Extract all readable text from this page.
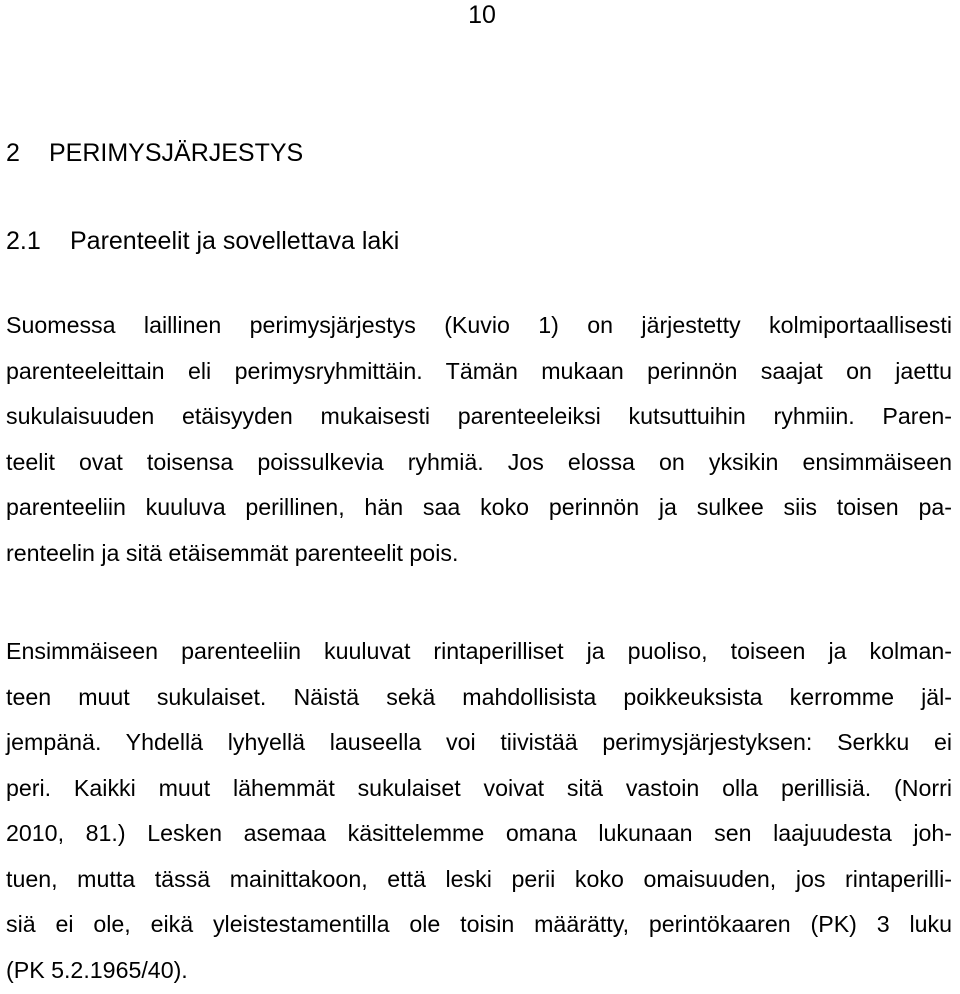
10
2 PERIMYSJÄRJESTYS
2.1 Parenteelit ja sovellettava laki
Suomessa laillinen perimysjärjestys (Kuvio 1) on järjestetty kolmiportaallisesti
parenteeleittain eli perimysryhmittäin. Tämän mukaan perinnön saajat on jaettu
sukulaisuuden etäisyyden mukaisesti parenteeleiksi kutsuttuihin ryhmiin. Paren-
teelit ovat toisensa poissulkevia ryhmiä. Jos elossa on yksikin ensimmäiseen
parenteeliin kuuluva perillinen, hän saa koko perinnön ja sulkee siis toisen pa-
renteelin ja sitä etäisemmät parenteelit pois.
Ensimmäiseen parenteeliin kuuluvat rintaperilliset ja puoliso, toiseen ja kolman-
teen muut sukulaiset. Näistä sekä mahdollisista poikkeuksista kerromme jäl-
jempänä. Yhdellä lyhyellä lauseella voi tiivistää perimysjärjestyksen: Serkku ei
peri. Kaikki muut lähemmät sukulaiset voivat sitä vastoin olla perillisiä. (Norri
2010, 81.) Lesken asemaa käsittelemme omana lukunaan sen laajuudesta joh-
tuen, mutta tässä mainittakoon, että leski perii koko omaisuuden, jos rintaperilli-
siä ei ole, eikä yleistestamentilla ole toisin määrätty, perintökaaren (PK) 3 luku
(PK 5.2.1965/40).
